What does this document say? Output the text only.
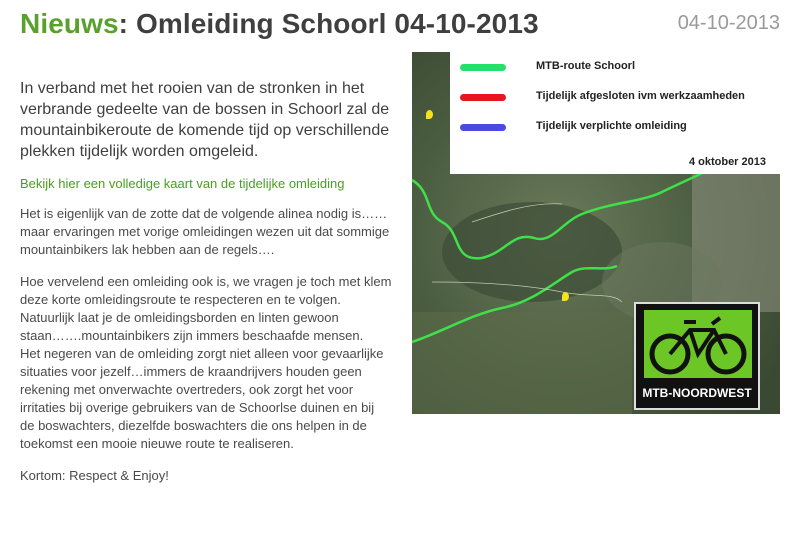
Nieuws: Omleiding Schoorl 04-10-2013	04-10-2013

In verband met het rooien van de stronken in het verbrande gedeelte van de bossen in Schoorl zal de mountainbikeroute de komende tijd op verschillende plekken tijdelijk worden omgeleid.

Bekijk hier een volledige kaart van de tijdelijke omleiding

Het is eigenlijk van de zotte dat de volgende alinea nodig is……maar ervaringen met vorige omleidingen wezen uit dat sommige mountainbikers lak hebben aan de regels….

Hoe vervelend een omleiding ook is, we vragen je toch met klem deze korte omleidingsroute te respecteren en te volgen. Natuurlijk laat je de omleidingsborden en linten gewoon staan…….mountainbikers zijn immers beschaafde mensen.

Het negeren van de omleiding zorgt niet alleen voor gevaarlijke situaties voor jezelf…immers de kraandrijvers houden geen rekening met onverwachte overtreders, ook zorgt het voor irritaties bij overige gebruikers van de Schoorlse duinen en bij de boswachters, diezelfde boswachters die ons helpen in de toekomst een mooie nieuwe route te realiseren.

Kortom: Respect & Enjoy!
MTB-route Schoorl
Tijdelijk afgesloten ivm werkzaamheden
Tijdelijk verplichte omleiding
4 oktober 2013
MTB-NOORDWEST
